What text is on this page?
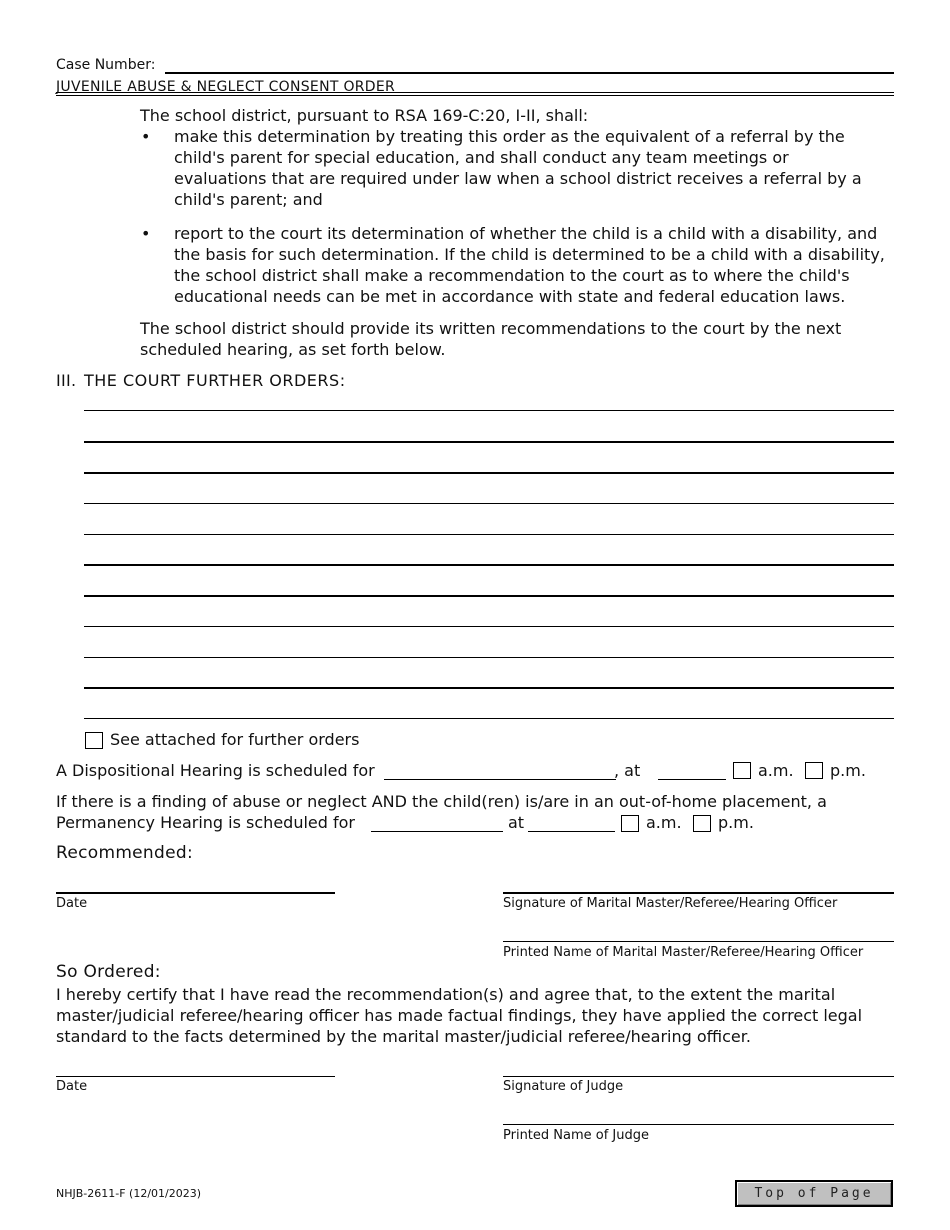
Case Number:
JUVENILE ABUSE & NEGLECT CONSENT ORDER
The school district, pursuant to RSA 169-C:20, I-II, shall:
• make this determination by treating this order as the equivalent of a referral by the
child's parent for special education, and shall conduct any team meetings or
evaluations that are required under law when a school district receives a referral by a
child's parent; and
• report to the court its determination of whether the child is a child with a disability, and
the basis for such determination. If the child is determined to be a child with a disability,
the school district shall make a recommendation to the court as to where the child's
educational needs can be met in accordance with state and federal education laws.
The school district should provide its written recommendations to the court by the next
scheduled hearing, as set forth below.
III. THE COURT FURTHER ORDERS:
See attached for further orders
A Dispositional Hearing is scheduled for	, at	a.m. p.m.
If there is a finding of abuse or neglect AND the child(ren) is/are in an out-of-home placement, a
Permanency Hearing is scheduled for	at	a.m. p.m.
Recommended:
Date	Signature of Marital Master/Referee/Hearing Officer
Printed Name of Marital Master/Referee/Hearing Officer
So Ordered:
I hereby certify that I have read the recommendation(s) and agree that, to the extent the marital
master/judicial referee/hearing officer has made factual findings, they have applied the correct legal
standard to the facts determined by the marital master/judicial referee/hearing officer.
Date	Signature of Judge
Printed Name of Judge
NHJB-2611-F (12/01/2023)	Top of Page
